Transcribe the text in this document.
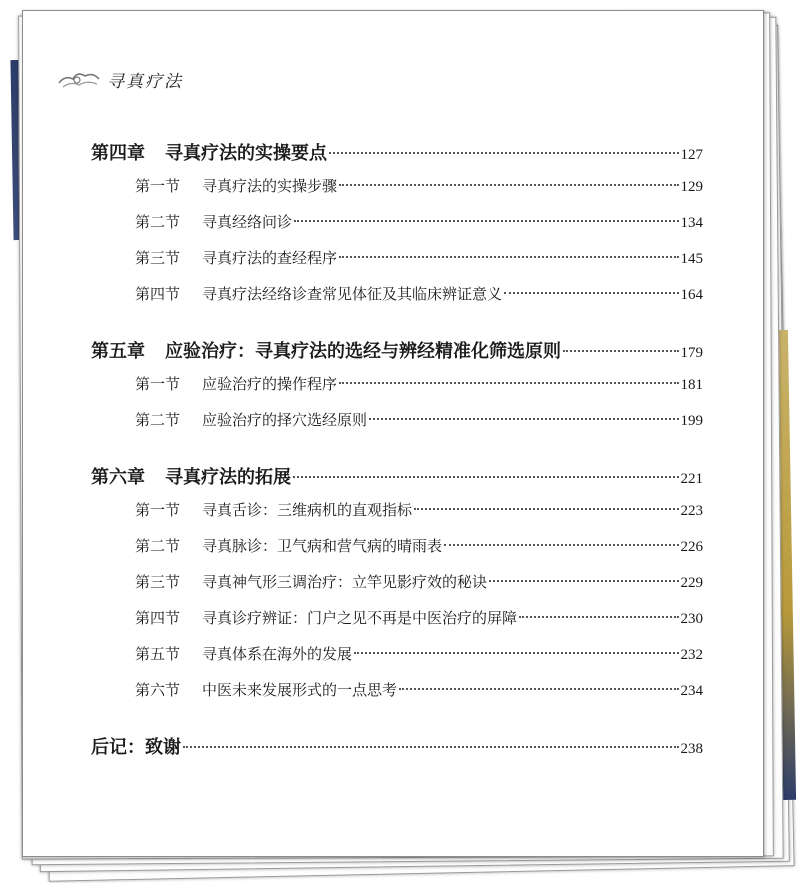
寻真疗法
第四章 寻真疗法的实操要点	127
第一节 寻真疗法的实操步骤	129
第二节 寻真经络问诊	134
第三节 寻真疗法的查经程序	145
第四节 寻真疗法经络诊查常见体征及其临床辨证意义	164
第五章 应验治疗：寻真疗法的选经与辨经精准化筛选原则	179
第一节 应验治疗的操作程序	181
第二节 应验治疗的择穴选经原则	199
第六章 寻真疗法的拓展	221
第一节 寻真舌诊：三维病机的直观指标	223
第二节 寻真脉诊：卫气病和营气病的晴雨表	226
第三节 寻真神气形三调治疗：立竿见影疗效的秘诀	229
第四节 寻真诊疗辨证：门户之见不再是中医治疗的屏障	230
第五节 寻真体系在海外的发展	232
第六节 中医未来发展形式的一点思考	234
后记：致谢	238
